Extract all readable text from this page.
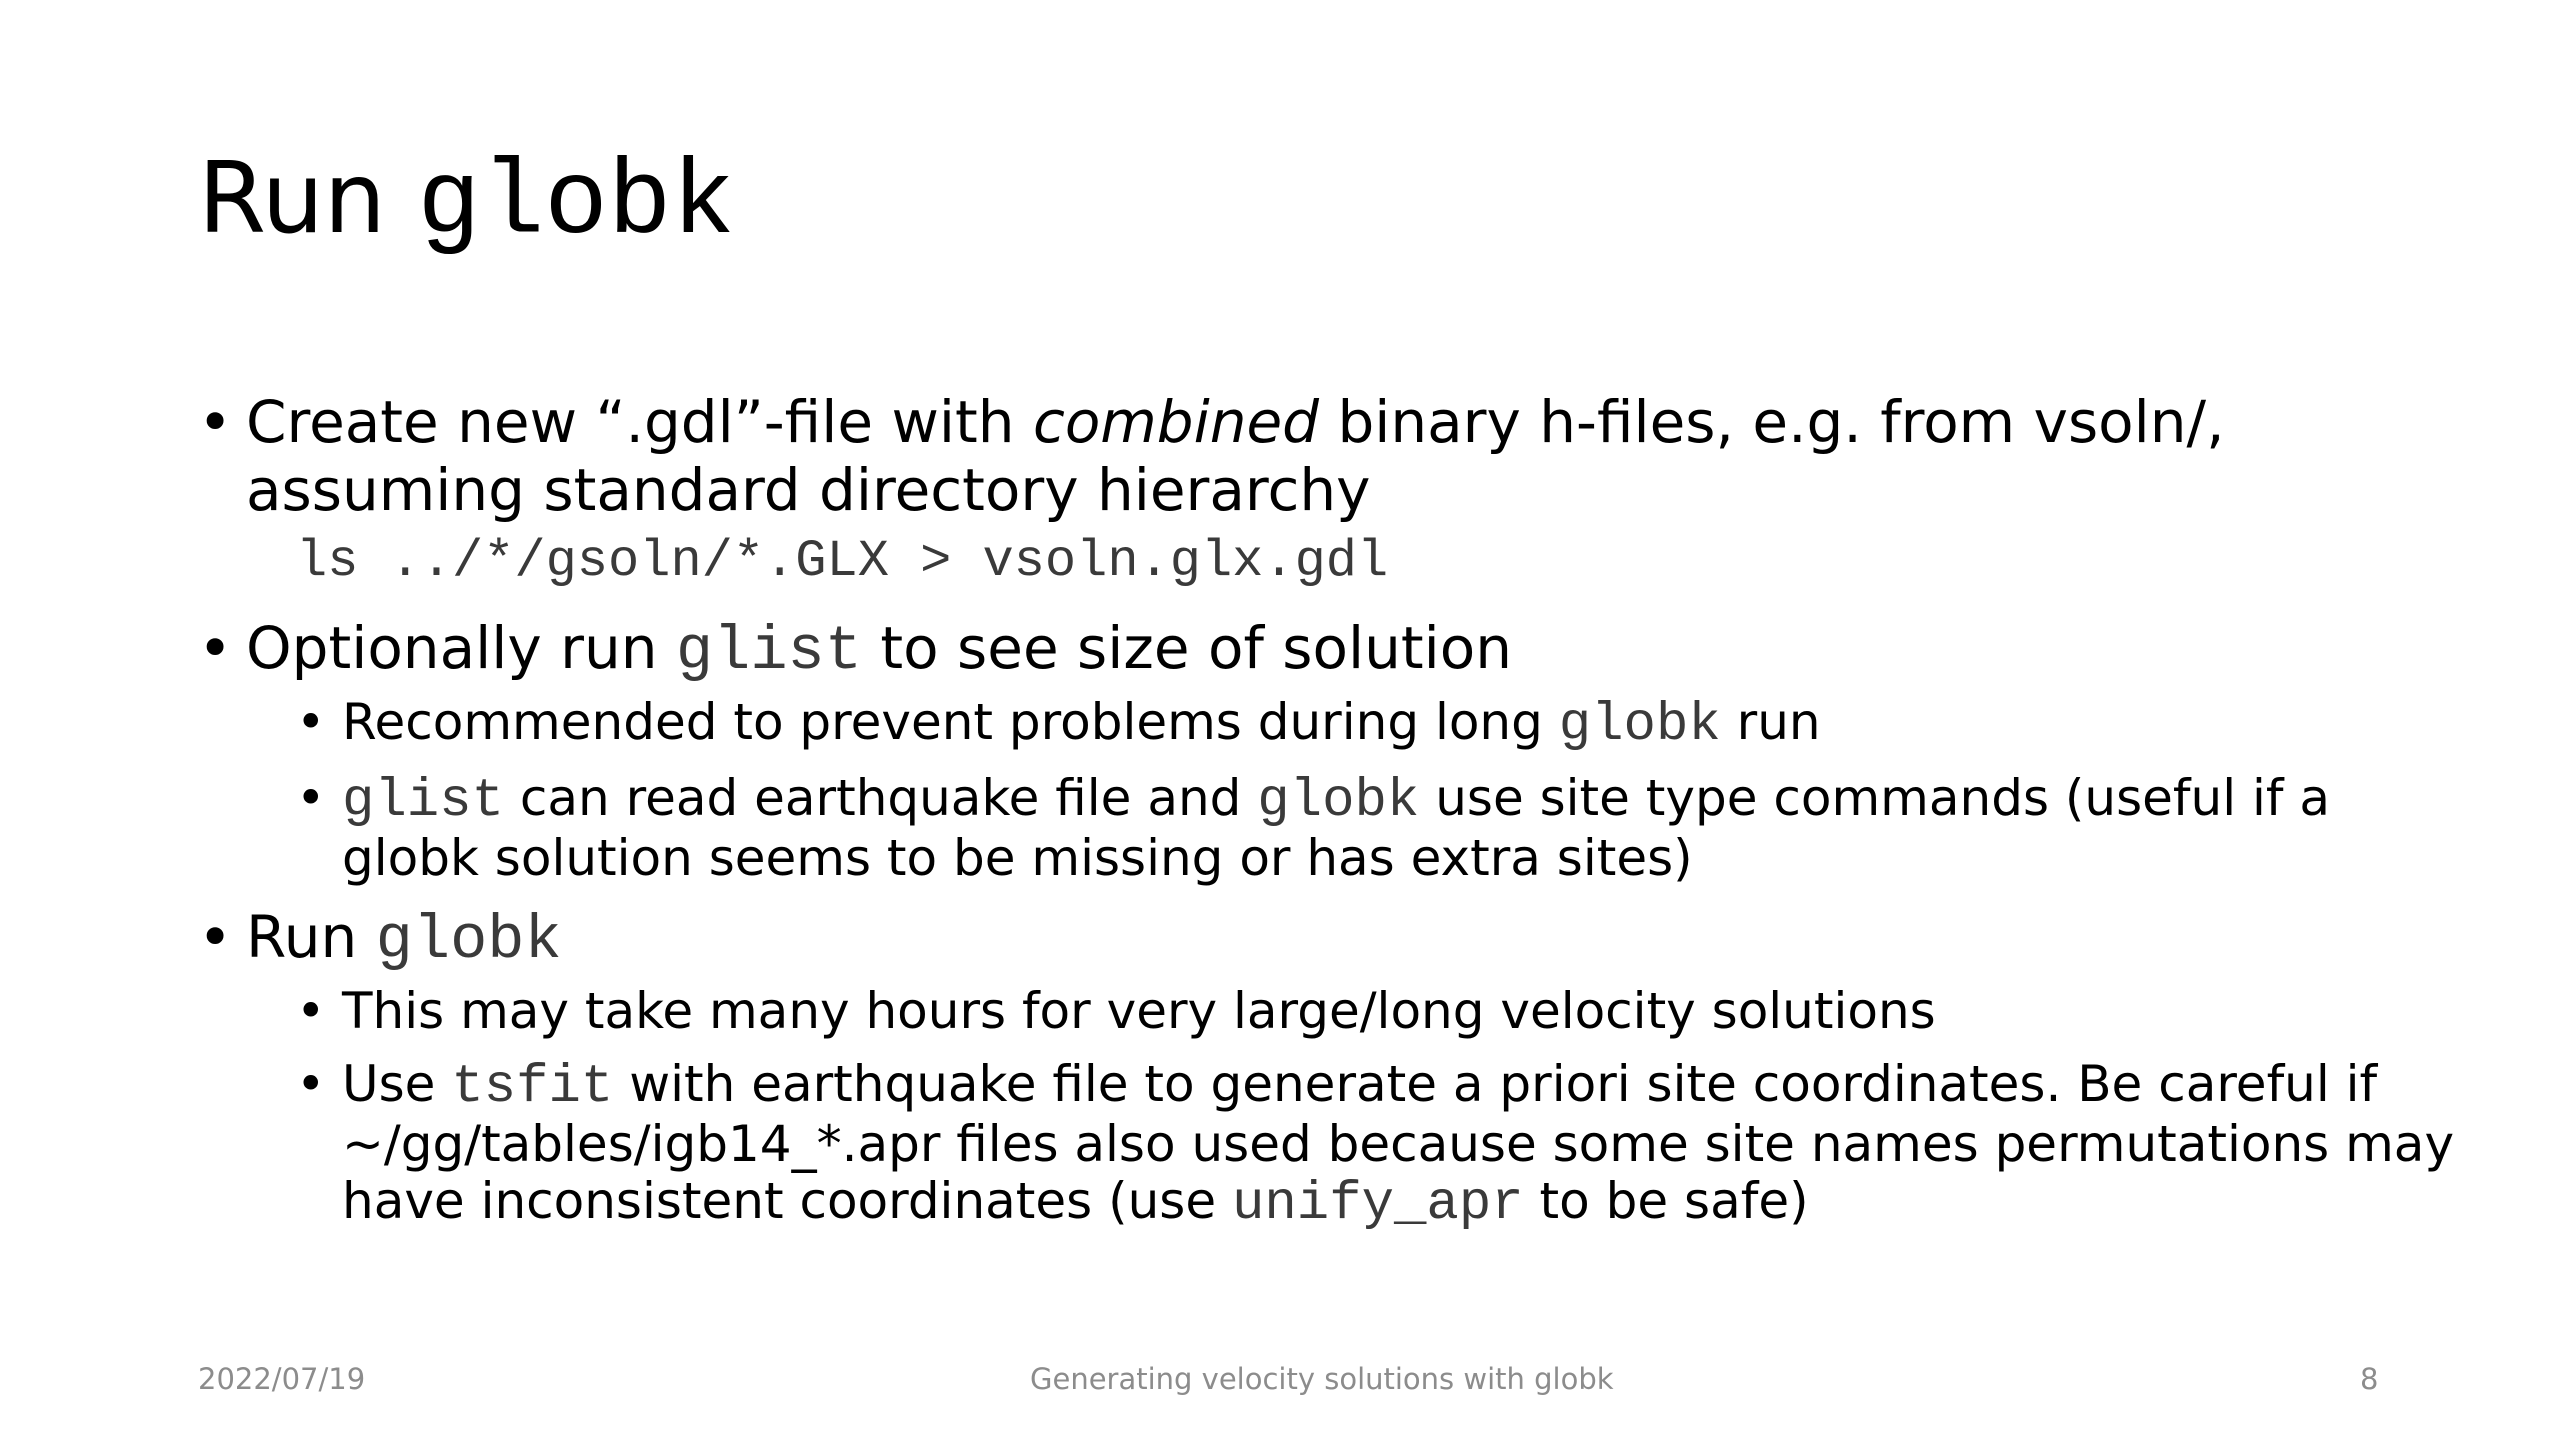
Run globk
• Create new “.gdl”-file with combined binary h-files, e.g. from vsoln/,
assuming standard directory hierarchy
ls ../*/gsoln/*.GLX > vsoln.glx.gdl
• Optionally run glist to see size of solution
• Recommended to prevent problems during long globk run
• glist can read earthquake file and globk use site type commands (useful if a
globk solution seems to be missing or has extra sites)
• Run globk
• This may take many hours for very large/long velocity solutions
• Use tsfit with earthquake file to generate a priori site coordinates. Be careful if
~/gg/tables/igb14_*.apr files also used because some site names permutations may
have inconsistent coordinates (use unify_apr to be safe)
2022/07/19	Generating velocity solutions with globk	8
